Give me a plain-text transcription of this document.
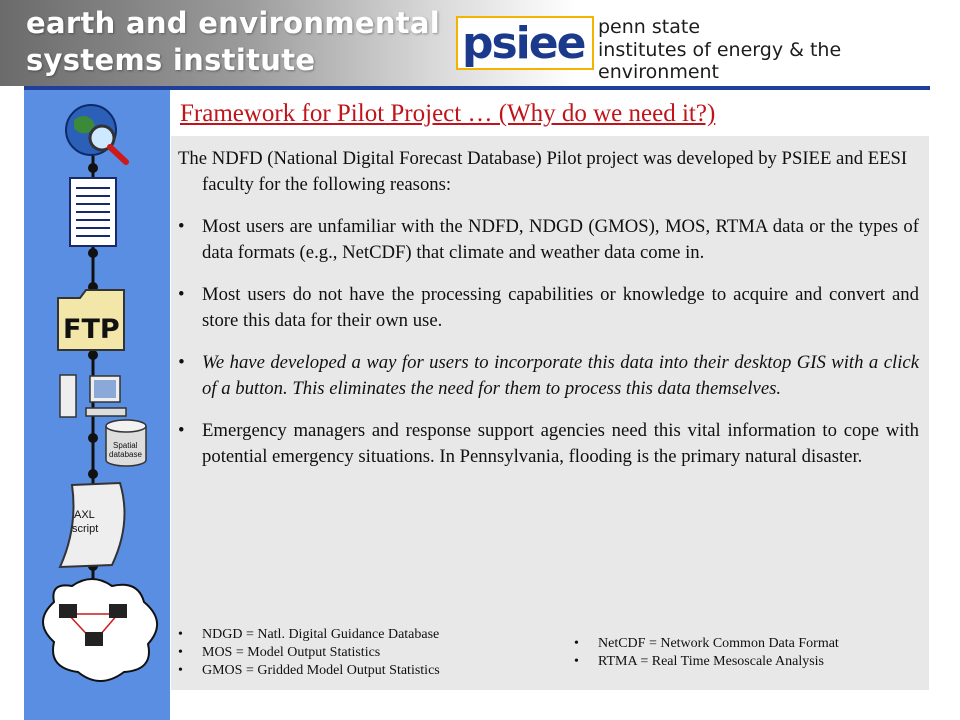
earth and environmental
systems institute	psiee penn state
institutes of energy & the environment
FTP
Spatial
database
AXL
script
Framework for Pilot Project … (Why do we need it?)
The NDFD (National Digital Forecast Database) Pilot project was developed by PSIEE and EESI faculty for the following reasons:
• Most users are unfamiliar with the NDFD, NDGD (GMOS), MOS, RTMA data or the types of data formats (e.g., NetCDF) that climate and weather data come in.
• Most users do not have the processing capabilities or knowledge to acquire and convert and store this data for their own use.
• We have developed a way for users to incorporate this data into their desktop GIS with a click of a button. This eliminates the need for them to process this data themselves.
• Emergency managers and response support agencies need this vital information to cope with potential emergency situations. In Pennsylvania, flooding is the primary natural disaster.
• NDGD = Natl. Digital Guidance Database
• MOS = Model Output Statistics
• GMOS = Gridded Model Output Statistics
• NetCDF = Network Common Data Format
• RTMA = Real Time Mesoscale Analysis
